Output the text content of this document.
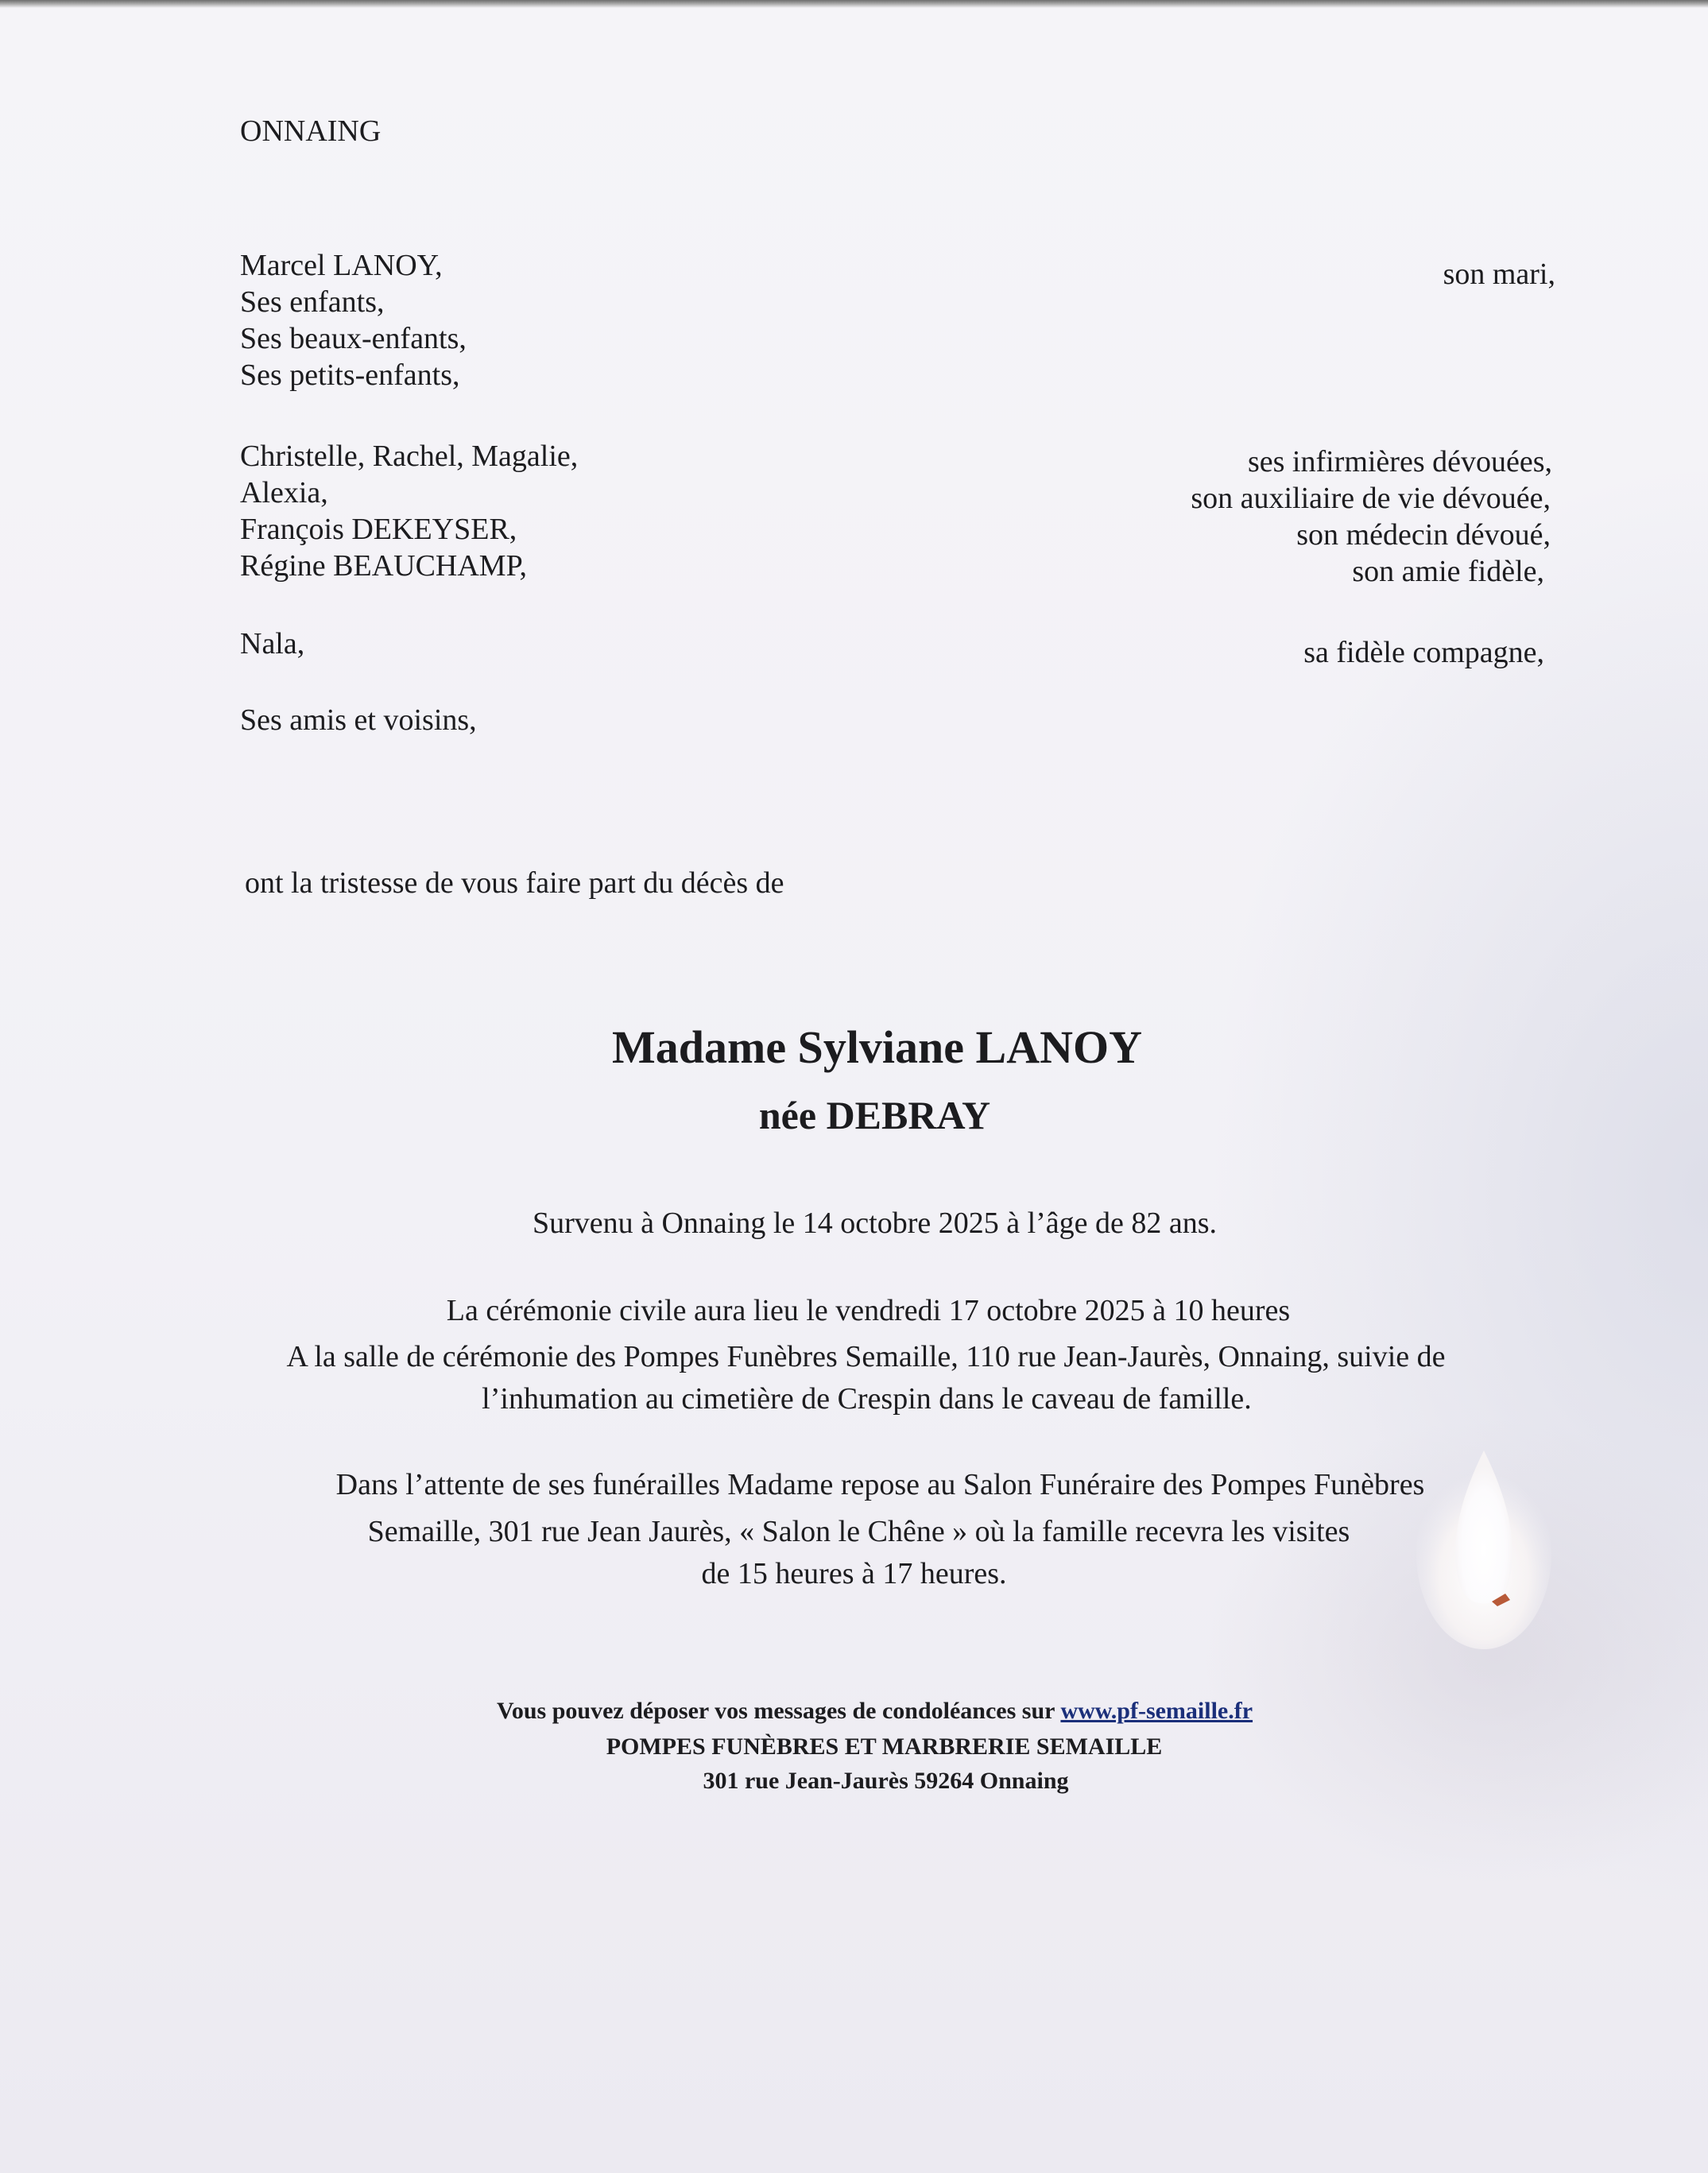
ONNAING

Marcel LANOY,

Ses enfants,

Ses beaux-enfants,

Ses petits-enfants,

son mari,

Christelle, Rachel, Magalie,

Alexia,

François DEKEYSER,

Régine BEAUCHAMP,

ses infirmières dévouées,

son auxiliaire de vie dévouée,

son médecin dévoué,

son amie fidèle,

Nala,	sa fidèle compagne,

Ses amis et voisins,

ont la tristesse de vous faire part du décès de

Madame Sylviane LANOY

née DEBRAY

Survenu à Onnaing le 14 octobre 2025 à l’âge de 82 ans.

La cérémonie civile aura lieu le vendredi 17 octobre 2025 à 10 heures

A la salle de cérémonie des Pompes Funèbres Semaille, 110 rue Jean-Jaurès, Onnaing, suivie de

l’inhumation au cimetière de Crespin dans le caveau de famille.

Dans l’attente de ses funérailles Madame repose au Salon Funéraire des Pompes Funèbres

Semaille, 301 rue Jean Jaurès, « Salon le Chêne » où la famille recevra les visites

de 15 heures à 17 heures.

Vous pouvez déposer vos messages de condoléances sur www.pf-semaille.fr

POMPES FUNÈBRES ET MARBRERIE SEMAILLE

301 rue Jean-Jaurès 59264 Onnaing
